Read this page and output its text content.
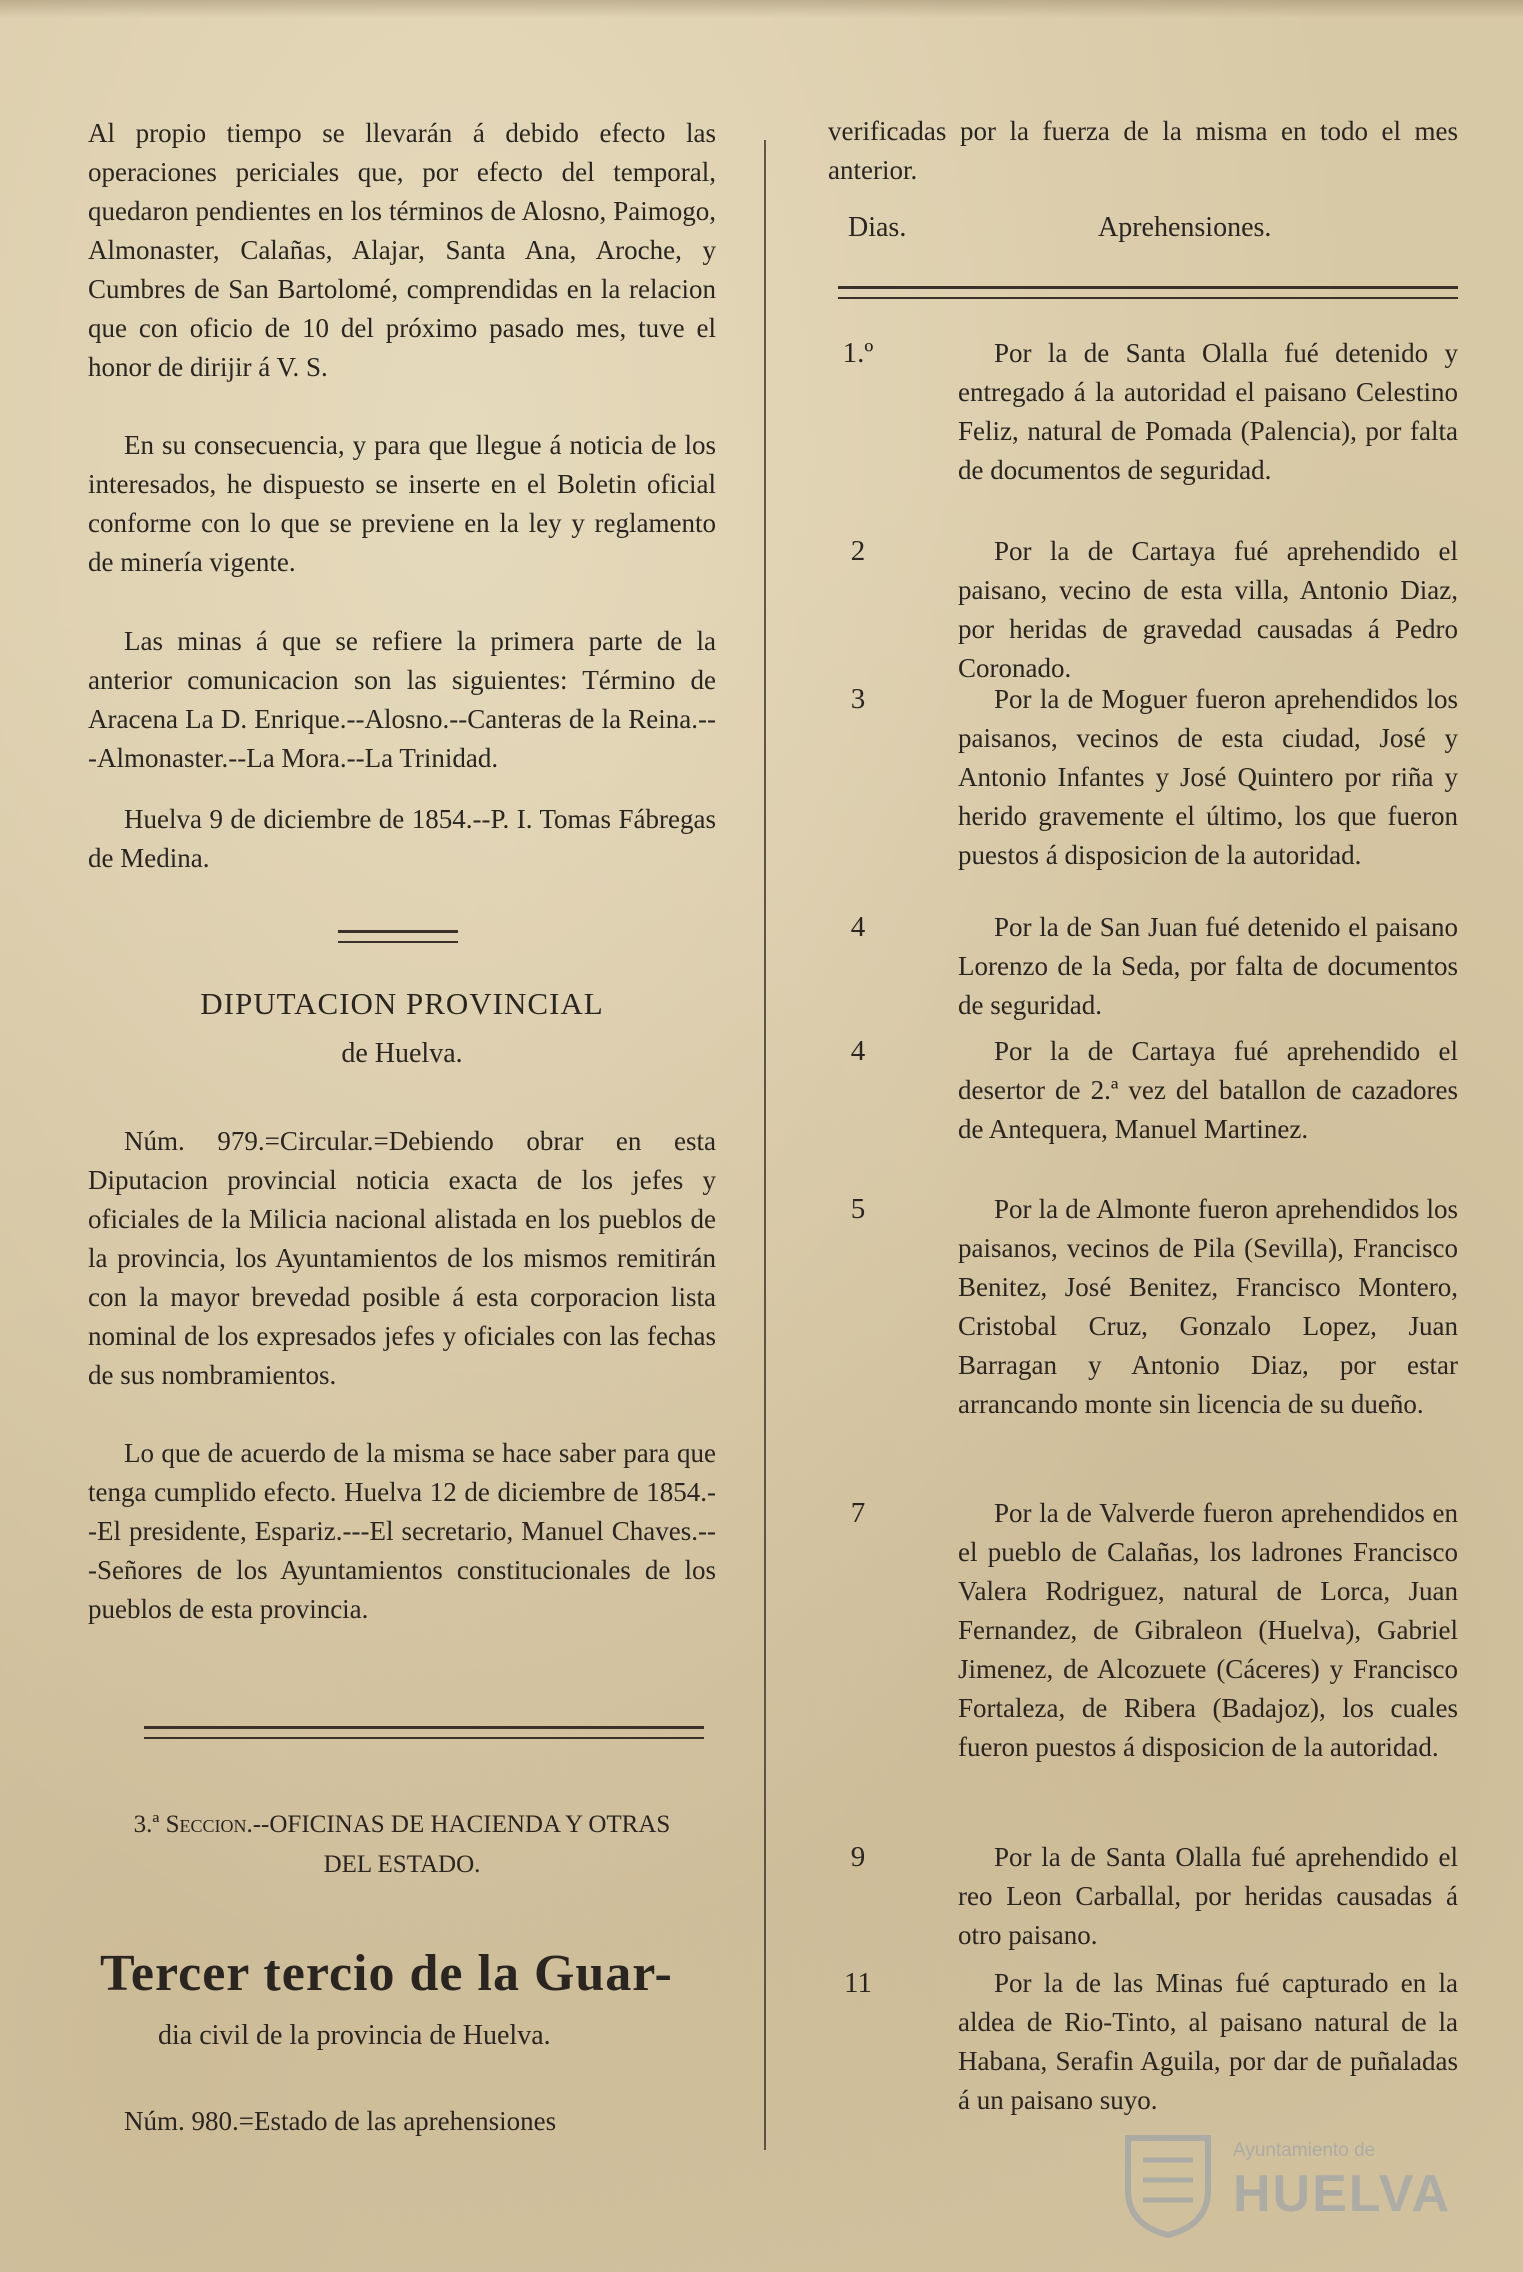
Al propio tiempo se llevarán á debido efecto las operaciones periciales que, por efecto del temporal, quedaron pendientes en los términos de Alosno, Paimogo, Almonaster, Calañas, Alajar, Santa Ana, Aroche, y Cumbres de San Bartolomé, comprendidas en la relacion que con oficio de 10 del próximo pasado mes, tuve el honor de dirijir á V. S.

En su consecuencia, y para que llegue á noticia de los interesados, he dispuesto se inserte en el Boletin oficial conforme con lo que se previene en la ley y reglamento de minería vigente.

Las minas á que se refiere la primera parte de la anterior comunicacion son las siguientes: Término de Aracena La D. Enrique.--Alosno.--Canteras de la Reina.---Almonaster.--La Mora.--La Trinidad.

Huelva 9 de diciembre de 1854.--P. I. Tomas Fábregas de Medina.

DIPUTACION PROVINCIAL

de Huelva.

Núm. 979.=Circular.=Debiendo obrar en esta Diputacion provincial noticia exacta de los jefes y oficiales de la Milicia nacional alistada en los pueblos de la provincia, los Ayuntamientos de los mismos remitirán con la mayor brevedad posible á esta corporacion lista nominal de los expresados jefes y oficiales con las fechas de sus nombramientos.

Lo que de acuerdo de la misma se hace saber para que tenga cumplido efecto. Huelva 12 de diciembre de 1854.--El presidente, Espariz.---El secretario, Manuel Chaves.---Señores de los Ayuntamientos constitucionales de los pueblos de esta provincia.

3.ª Seccion.--OFICINAS DE HACIENDA Y OTRAS

DEL ESTADO.

Tercer tercio de la Guar-

dia civil de la provincia de Huelva.

Núm. 980.=Estado de las aprehensiones

verificadas por la fuerza de la misma en todo el mes anterior.

Dias.	Aprehensiones.
1.º	Por la de Santa Olalla fué detenido y entregado á la autoridad el paisano Celestino Feliz, natural de Pomada (Palencia), por falta de documentos de seguridad.

2	Por la de Cartaya fué aprehendido el paisano, vecino de esta villa, Antonio Diaz, por heridas de gravedad causadas á Pedro Coronado.

3	Por la de Moguer fueron aprehendidos los paisanos, vecinos de esta ciudad, José y Antonio Infantes y José Quintero por riña y herido gravemente el último, los que fueron puestos á disposicion de la autoridad.

4	Por la de San Juan fué detenido el paisano Lorenzo de la Seda, por falta de documentos de seguridad.

4	Por la de Cartaya fué aprehendido el desertor de 2.ª vez del batallon de cazadores de Antequera, Manuel Martinez.

5	Por la de Almonte fueron aprehendidos los paisanos, vecinos de Pila (Sevilla), Francisco Benitez, José Benitez, Francisco Montero, Cristobal Cruz, Gonzalo Lopez, Juan Barragan y Antonio Diaz, por estar arrancando monte sin licencia de su dueño.

7	Por la de Valverde fueron aprehendidos en el pueblo de Calañas, los ladrones Francisco Valera Rodriguez, natural de Lorca, Juan Fernandez, de Gibraleon (Huelva), Gabriel Jimenez, de Alcozuete (Cáceres) y Francisco Fortaleza, de Ribera (Badajoz), los cuales fueron puestos á disposicion de la autoridad.

9	Por la de Santa Olalla fué aprehendido el reo Leon Carballal, por heridas causadas á otro paisano.

11	Por la de las Minas fué capturado en la aldea de Rio-Tinto, al paisano natural de la Habana, Serafin Aguila, por dar de puñaladas á un paisano suyo.

Ayuntamiento de
HUELVA
